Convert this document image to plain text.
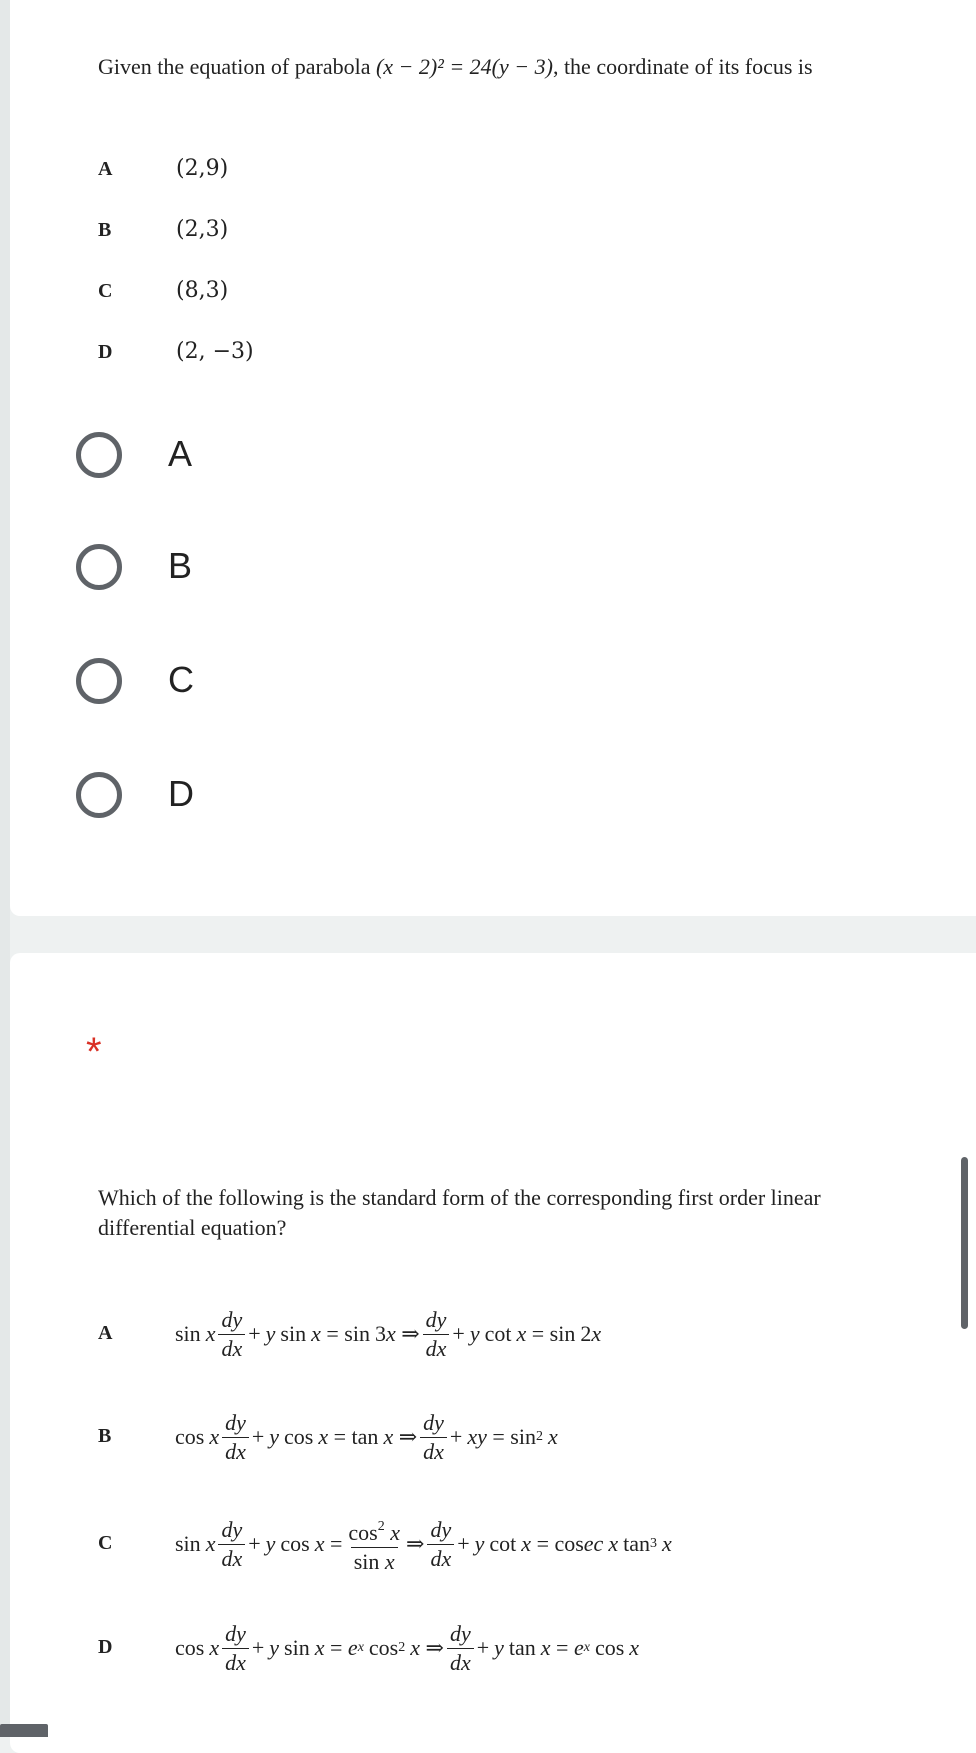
Given the equation of parabola (x − 2)² = 24(y − 3), the coordinate of its focus is
A	(2,9)
B	(2,3)
C	(8,3)
D	(2, −3)
A
B
C
D
*
Which of the following is the standard form of the corresponding first order linear differential equation?
A	sin x $\frac{dy}{dx} + y$ sin x = sin 3 x
⇒ $\frac{dy}{dx} + y$ cot x = sin 2 x
B	cos x $\frac{dy}{dx} + y$ cos x = tan x
⇒ $\frac{dy}{dx}$ + xy = sin 2 x
C	sin x $\frac{dy}{dx} + y$ $\cos x = \frac{\cos^2 x}{\text{sin x}}$ ⇒ $\frac{dy}{dx} + y$ cot x = cos ec x tan 3 x
D	cos x $\frac{dy}{dx} + y$ sin x = e x cos 2 x
⇒ $\frac{dy}{dx} + y$ tan x = e x cos x
